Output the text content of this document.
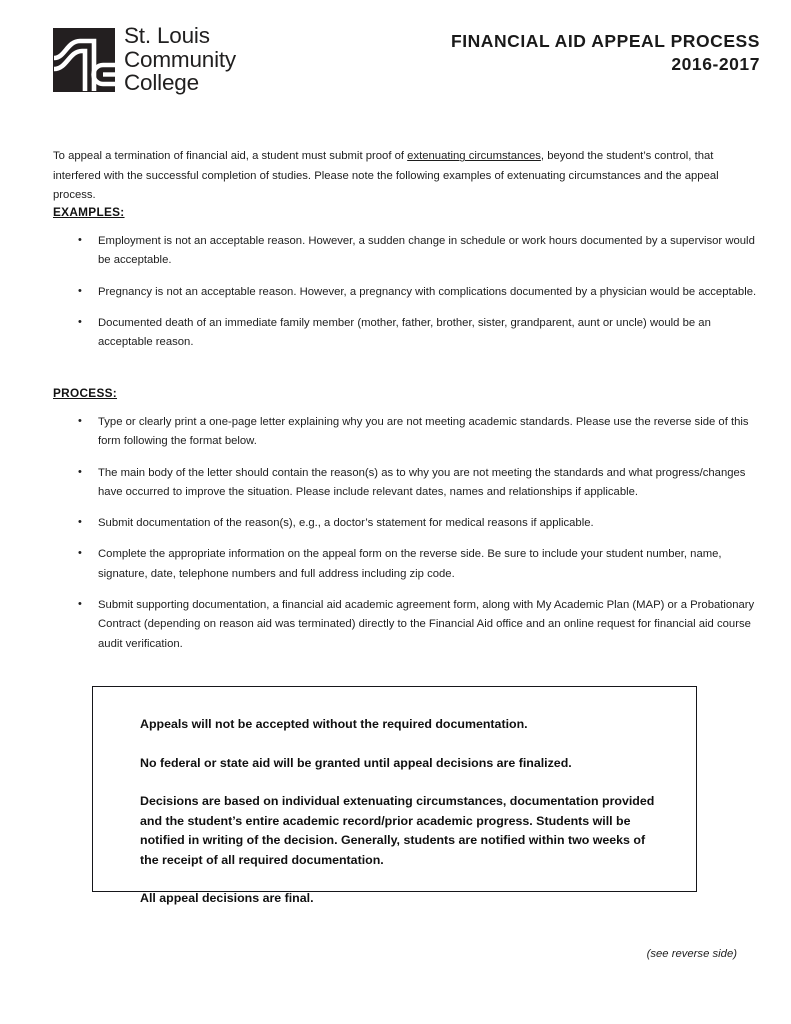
St. Louis
Community
College
FINANCIAL AID APPEAL PROCESS
2016-2017

To appeal a termination of financial aid, a student must submit proof of extenuating circumstances, beyond the student’s control, that interfered with the successful completion of studies. Please note the following examples of extenuating circumstances and the appeal process.

EXAMPLES:
• Employment is not an acceptable reason. However, a sudden change in schedule or work hours documented by a supervisor would be acceptable.
• Pregnancy is not an acceptable reason. However, a pregnancy with complications documented by a physician would be acceptable.
• Documented death of an immediate family member (mother, father, brother, sister, grandparent, aunt or uncle) would be an acceptable reason.
PROCESS:
• Type or clearly print a one-page letter explaining why you are not meeting academic standards. Please use the reverse side of this form following the format below.
• The main body of the letter should contain the reason(s) as to why you are not meeting the standards and what progress/changes have occurred to improve the situation. Please include relevant dates, names and relationships if applicable.
• Submit documentation of the reason(s), e.g., a doctor’s statement for medical reasons if applicable.
• Complete the appropriate information on the appeal form on the reverse side. Be sure to include your student number, name, signature, date, telephone numbers and full address including zip code.
• Submit supporting documentation, a financial aid academic agreement form, along with My Academic Plan (MAP) or a Probationary Contract (depending on reason aid was terminated) directly to the Financial Aid office and an online request for financial aid course audit verification.

Appeals will not be accepted without the required documentation.

No federal or state aid will be granted until appeal decisions are finalized.

Decisions are based on individual extenuating circumstances, documentation provided and the student’s entire academic record/prior academic progress. Students will be notified in writing of the decision. Generally, students are notified within two weeks of the receipt of all required documentation.

All appeal decisions are final.

(see reverse side)
